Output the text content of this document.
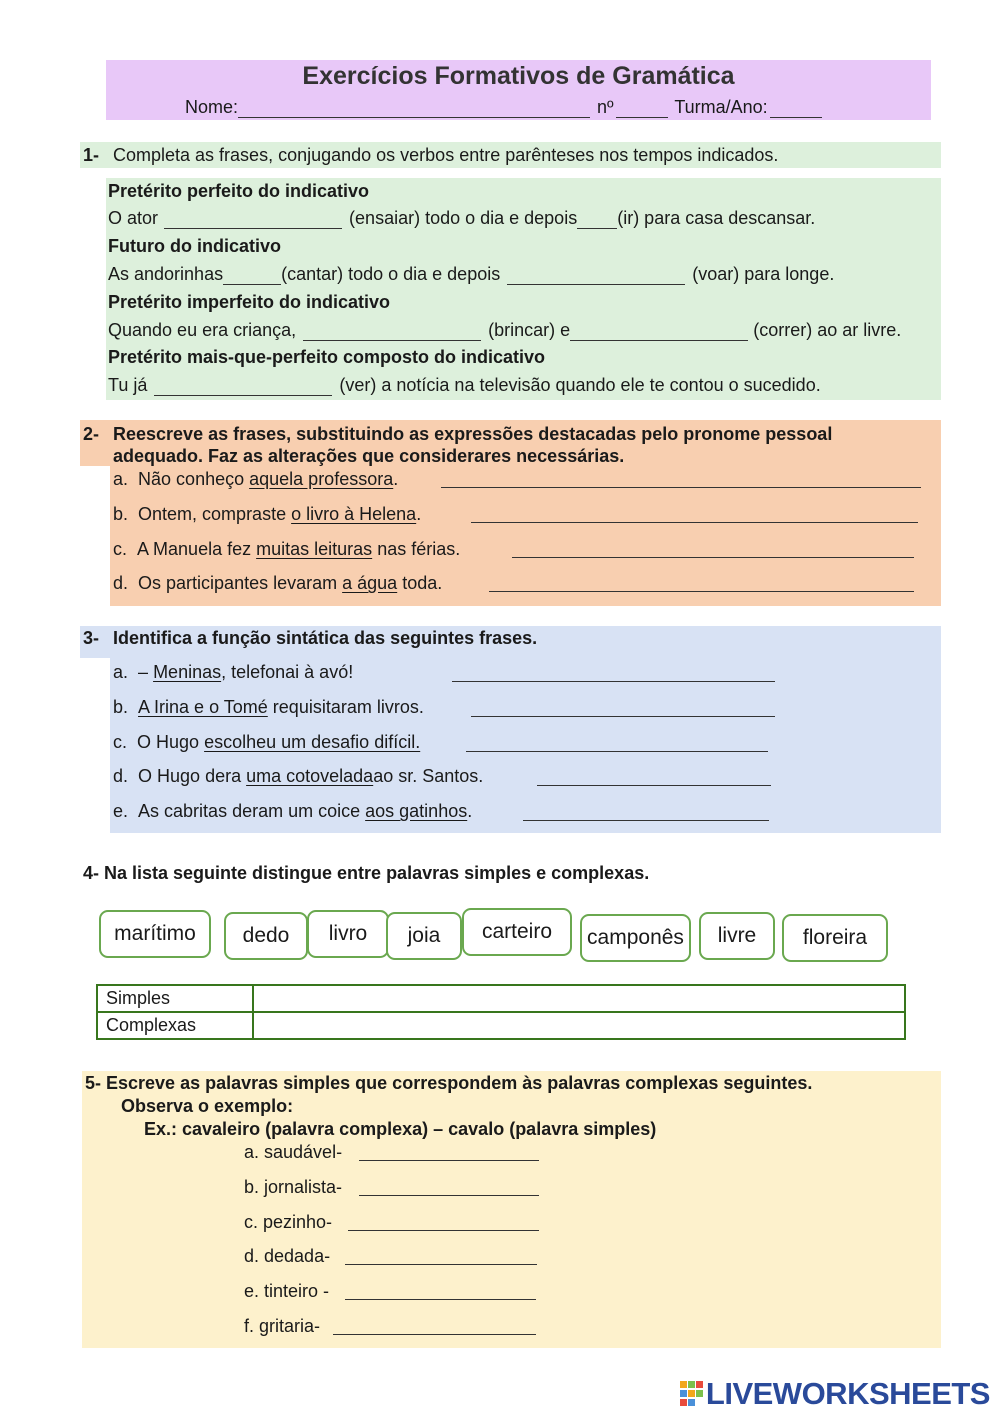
Exercícios Formativos de Gramática
Nome:	nº	Turma/Ano:
1- Completa as frases, conjugando os verbos entre parênteses nos tempos indicados.
Pretérito perfeito do indicativo
O ator	(ensaiar) todo o dia e depois (ir) para casa descansar.
Futuro do indicativo
As andorinhas	(cantar) todo o dia e depois	(voar) para longe.
Pretérito imperfeito do indicativo
Quando eu era criança,	(brincar) e	(correr) ao ar livre.
Pretérito mais-que-perfeito composto do indicativo
Tu já	(ver) a notícia na televisão quando ele te contou o sucedido.
2- Reescreve as frases, substituindo as expressões destacadas pelo pronome pessoal
adequado. Faz as alterações que considerares necessárias.
a. Não conheço aquela professora.
b. Ontem, compraste o livro à Helena.
c. A Manuela fez muitas leituras nas férias.
d. Os participantes levaram a água toda.
3- Identifica a função sintática das seguintes frases.
a. – Meninas, telefonai à avó!
b. A Irina e o Tomé requisitaram livros.
c. O Hugo escolheu um desafio difícil.
d. O Hugo dera uma cotoveladaao sr. Santos.
e. As cabritas deram um coice aos gatinhos.
4- Na lista seguinte distingue entre palavras simples e complexas.
marítimo dedo livro joia carteiro camponês livre floreira
Simples	
Complexas	
5- Escreve as palavras simples que correspondem às palavras complexas seguintes.
Observa o exemplo:
Ex.: cavaleiro (palavra complexa) – cavalo (palavra simples)
a. saudável-
b. jornalista-
c. pezinho-
d. dedada-
e. tinteiro -
f. gritaria-
LIVEWORKSHEETS
